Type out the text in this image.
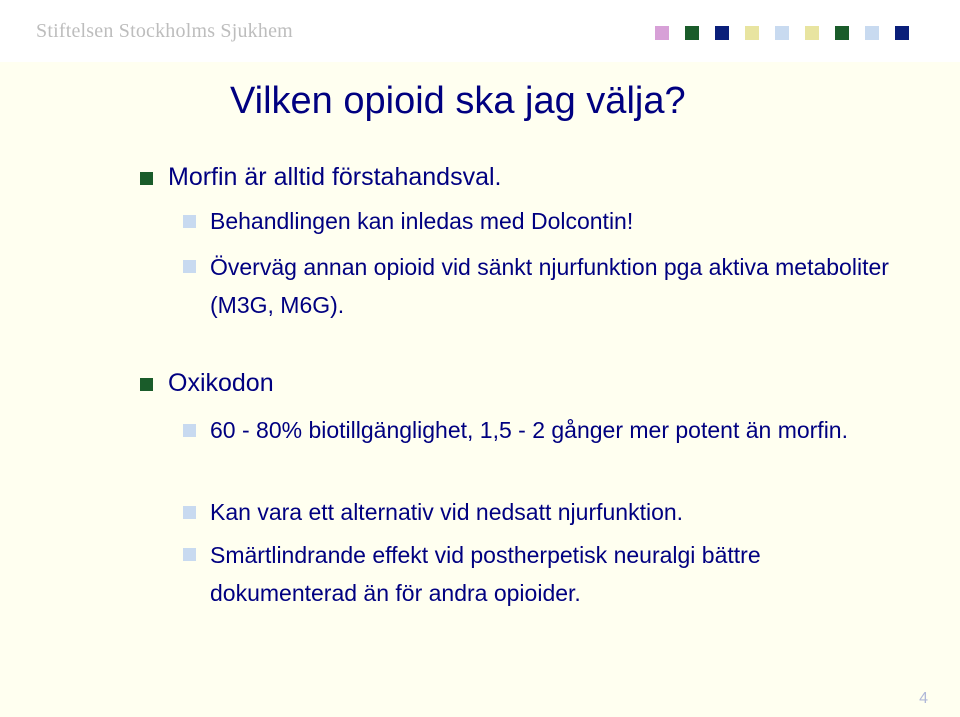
Stiftelsen Stockholms Sjukhem
Vilken opioid ska jag välja?
Morfin är alltid förstahandsval.
Behandlingen kan inledas med Dolcontin!
Överväg annan opioid vid sänkt njurfunktion pga aktiva metaboliter (M3G, M6G).
Oxikodon
60 - 80% biotillgänglighet, 1,5 - 2 gånger mer potent än morfin.
Kan vara ett alternativ vid nedsatt njurfunktion.
Smärtlindrande effekt vid postherpetisk neuralgi bättre dokumenterad än för andra opioider.
4
